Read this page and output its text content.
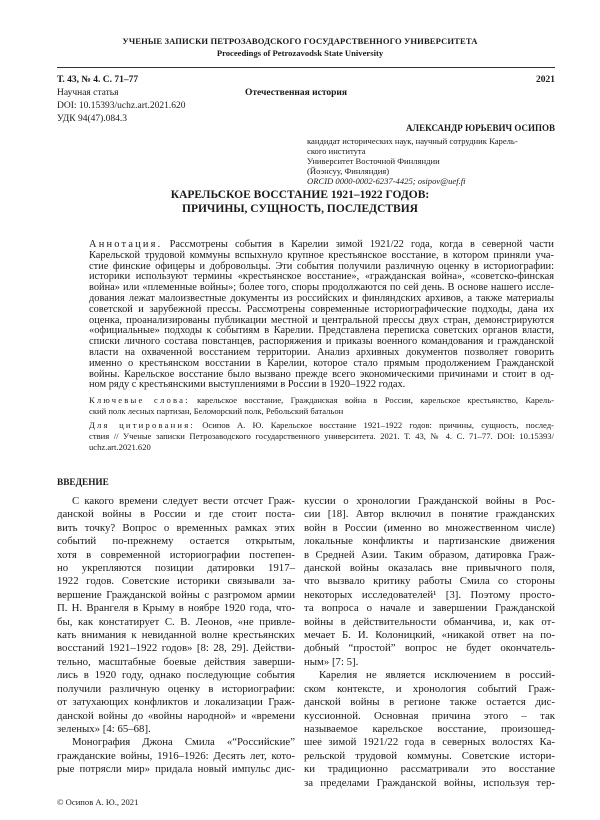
УЧЕНЫЕ ЗАПИСКИ ПЕТРОЗАВОДСКОГО ГОСУДАРСТВЕННОГО УНИВЕРСИТЕТА
Proceedings of Petrozavodsk State University
Т. 43, № 4. С. 71–77	2021
Научная статья	Отечественная история
DOI: 10.15393/uchz.art.2021.620
УДК 94(47).084.3
АЛЕКСАНДР ЮРЬЕВИЧ ОСИПОВ
кандидат исторических наук, научный сотрудник Карель-
ского института
Университет Восточной Финляндии
(Йоэнсуу, Финляндия)
ORCID 0000-0002-6237-4425; osipov@uef.fi
КАРЕЛЬСКОЕ ВОССТАНИЕ 1921–1922 ГОДОВ:
ПРИЧИНЫ, СУЩНОСТЬ, ПОСЛЕДСТВИЯ
Аннотация. Рассмотрены события в Карелии зимой 1921/22 года, когда в северной части
Карельской трудовой коммуны вспыхнуло крупное крестьянское восстание, в котором приняли уча-
стие финские офицеры и добровольцы. Эти события получили различную оценку в историографии:
историки используют термины «крестьянское восстание», «гражданская война», «советско-финская
война» или «племенные войны»; более того, споры продолжаются по сей день. В основе нашего иссле-
дования лежат малоизвестные документы из российских и финляндских архивов, а также материалы
советской и зарубежной прессы. Рассмотрены современные историографические подходы, дана их
оценка, проанализированы публикации местной и центральной прессы двух стран, демонстрируются
«официальные» подходы к событиям в Карелии. Представлена переписка советских органов власти,
списки личного состава повстанцев, распоряжения и приказы военного командования и гражданской
власти на охваченной восстанием территории. Анализ архивных документов позволяет говорить
именно о крестьянском восстании в Карелии, которое стало прямым продолжением Гражданской
войны. Карельское восстание было вызвано прежде всего экономическими причинами и стоит в од-
ном ряду с крестьянскими выступлениями в России в 1920–1922 годах.
Ключевые слова: карельское восстание, Гражданская война в России, карельское крестьянство, Карель-
ский полк лесных партизан, Беломорский полк, Ребольский батальон
Для цитирования: Осипов А. Ю. Карельское восстание 1921–1922 годов: причины, сущность, послед-
ствия // Ученые записки Петрозаводского государственного университета. 2021. Т. 43, № 4. С. 71–77. DOI: 10.15393/
uchz.art.2021.620
ВВЕДЕНИЕ
С какого времени следует вести отсчет Граж-
данской войны в России и где стоит поста-
вить точку? Вопрос о временных рамках этих
событий по-прежнему остается открытым,
хотя в современной историографии постепен-
но укрепляются позиции датировки 1917–
1922 годов. Советские историки связывали за-
вершение Гражданской войны с разгромом армии
П. Н. Врангеля в Крыму в ноябре 1920 года, что-
бы, как констатирует С. В. Леонов, «не привле-
кать внимания к невиданной волне крестьянских
восстаний 1921–1922 годов» [8: 28, 29]. Действи-
тельно, масштабные боевые действия заверши-
лись в 1920 году, однако последующие события
получили различную оценку в историографии:
от затухающих конфликтов и локализации Граж-
данской войны до «войны народной» и «времени
зеленых» [4: 65–68].
Монография Джона Смила «“Российские”
гражданские войны, 1916–1926: Десять лет, кото-
рые потрясли мир» придала новый импульс дис-
куссии о хронологии Гражданской войны в Рос-
сии [18]. Автор включил в понятие гражданских
войн в России (именно во множественном числе)
локальные конфликты и партизанские движения
в Средней Азии. Таким образом, датировка Граж-
данской войны оказалась вне привычного поля,
что вызвало критику работы Смила со стороны
некоторых исследователей¹ [3]. Поэтому просто-
та вопроса о начале и завершении Гражданской
войны в действительности обманчива, и, как от-
мечает Б. И. Колоницкий, «никакой ответ на по-
добный “простой” вопрос не будет окончатель-
ным» [7: 5].
Карелия не является исключением в россий-
ском контексте, и хронология событий Граж-
данской войны в регионе также остается дис-
куссионной. Основная причина этого – так
называемое карельское восстание, произошед-
шее зимой 1921/22 года в северных волостях Ка-
рельской трудовой коммуны. Советские истори-
ки традиционно рассматривали это восстание
за пределами Гражданской войны, используя тер-
© Осипов А. Ю., 2021
